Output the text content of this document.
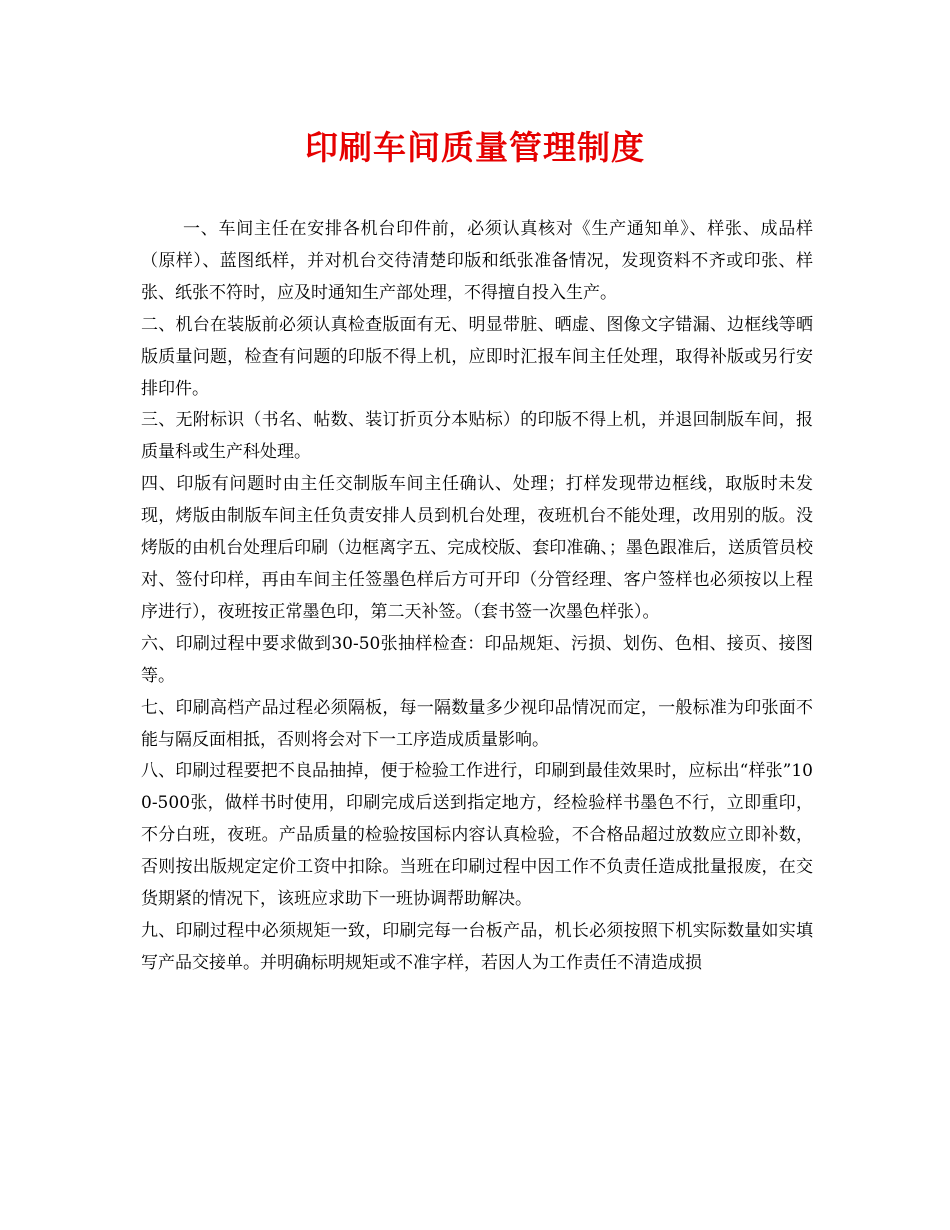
印刷车间质量管理制度

一、车间主任在安排各机台印件前，必须认真核对《生产通知单》、样张、成品样（原样）、蓝图纸样，并对机台交待清楚印版和纸张准备情况，发现资料不齐或印张、样张、纸张不符时，应及时通知生产部处理，不得擅自投入生产。

二、机台在装版前必须认真检查版面有无、明显带脏、晒虚、图像文字错漏、边框线等晒版质量问题，检查有问题的印版不得上机，应即时汇报车间主任处理，取得补版或另行安排印件。

三、无附标识（书名、帖数、装订折页分本贴标）的印版不得上机，并退回制版车间，报质量科或生产科处理。

四、印版有问题时由主任交制版车间主任确认、处理；打样发现带边框线，取版时未发现，烤版由制版车间主任负责安排人员到机台处理，夜班机台不能处理，改用别的版。没烤版的由机台处理后印刷（边框离字五、完成校版、套印准确、；墨色跟准后，送质管员校对、签付印样，再由车间主任签墨色样后方可开印（分管经理、客户签样也必须按以上程序进行），夜班按正常墨色印，第二天补签。（套书签一次墨色样张）。

六、印刷过程中要求做到30-50张抽样检查：印品规矩、污损、划伤、色相、接页、接图等。

七、印刷高档产品过程必须隔板，每一隔数量多少视印品情况而定，一般标准为印张面不能与隔反面相抵，否则将会对下一工序造成质量影响。

八、印刷过程要把不良品抽掉，便于检验工作进行，印刷到最佳效果时，应标出“样张”100-500张，做样书时使用，印刷完成后送到指定地方，经检验样书墨色不行，立即重印，不分白班，夜班。产品质量的检验按国标内容认真检验，不合格品超过放数应立即补数，否则按出版规定定价工资中扣除。当班在印刷过程中因工作不负责任造成批量报废，在交货期紧的情况下，该班应求助下一班协调帮助解决。

九、印刷过程中必须规矩一致，印刷完每一台板产品，机长必须按照下机实际数量如实填写产品交接单。并明确标明规矩或不准字样，若因人为工作责任不清造成损
